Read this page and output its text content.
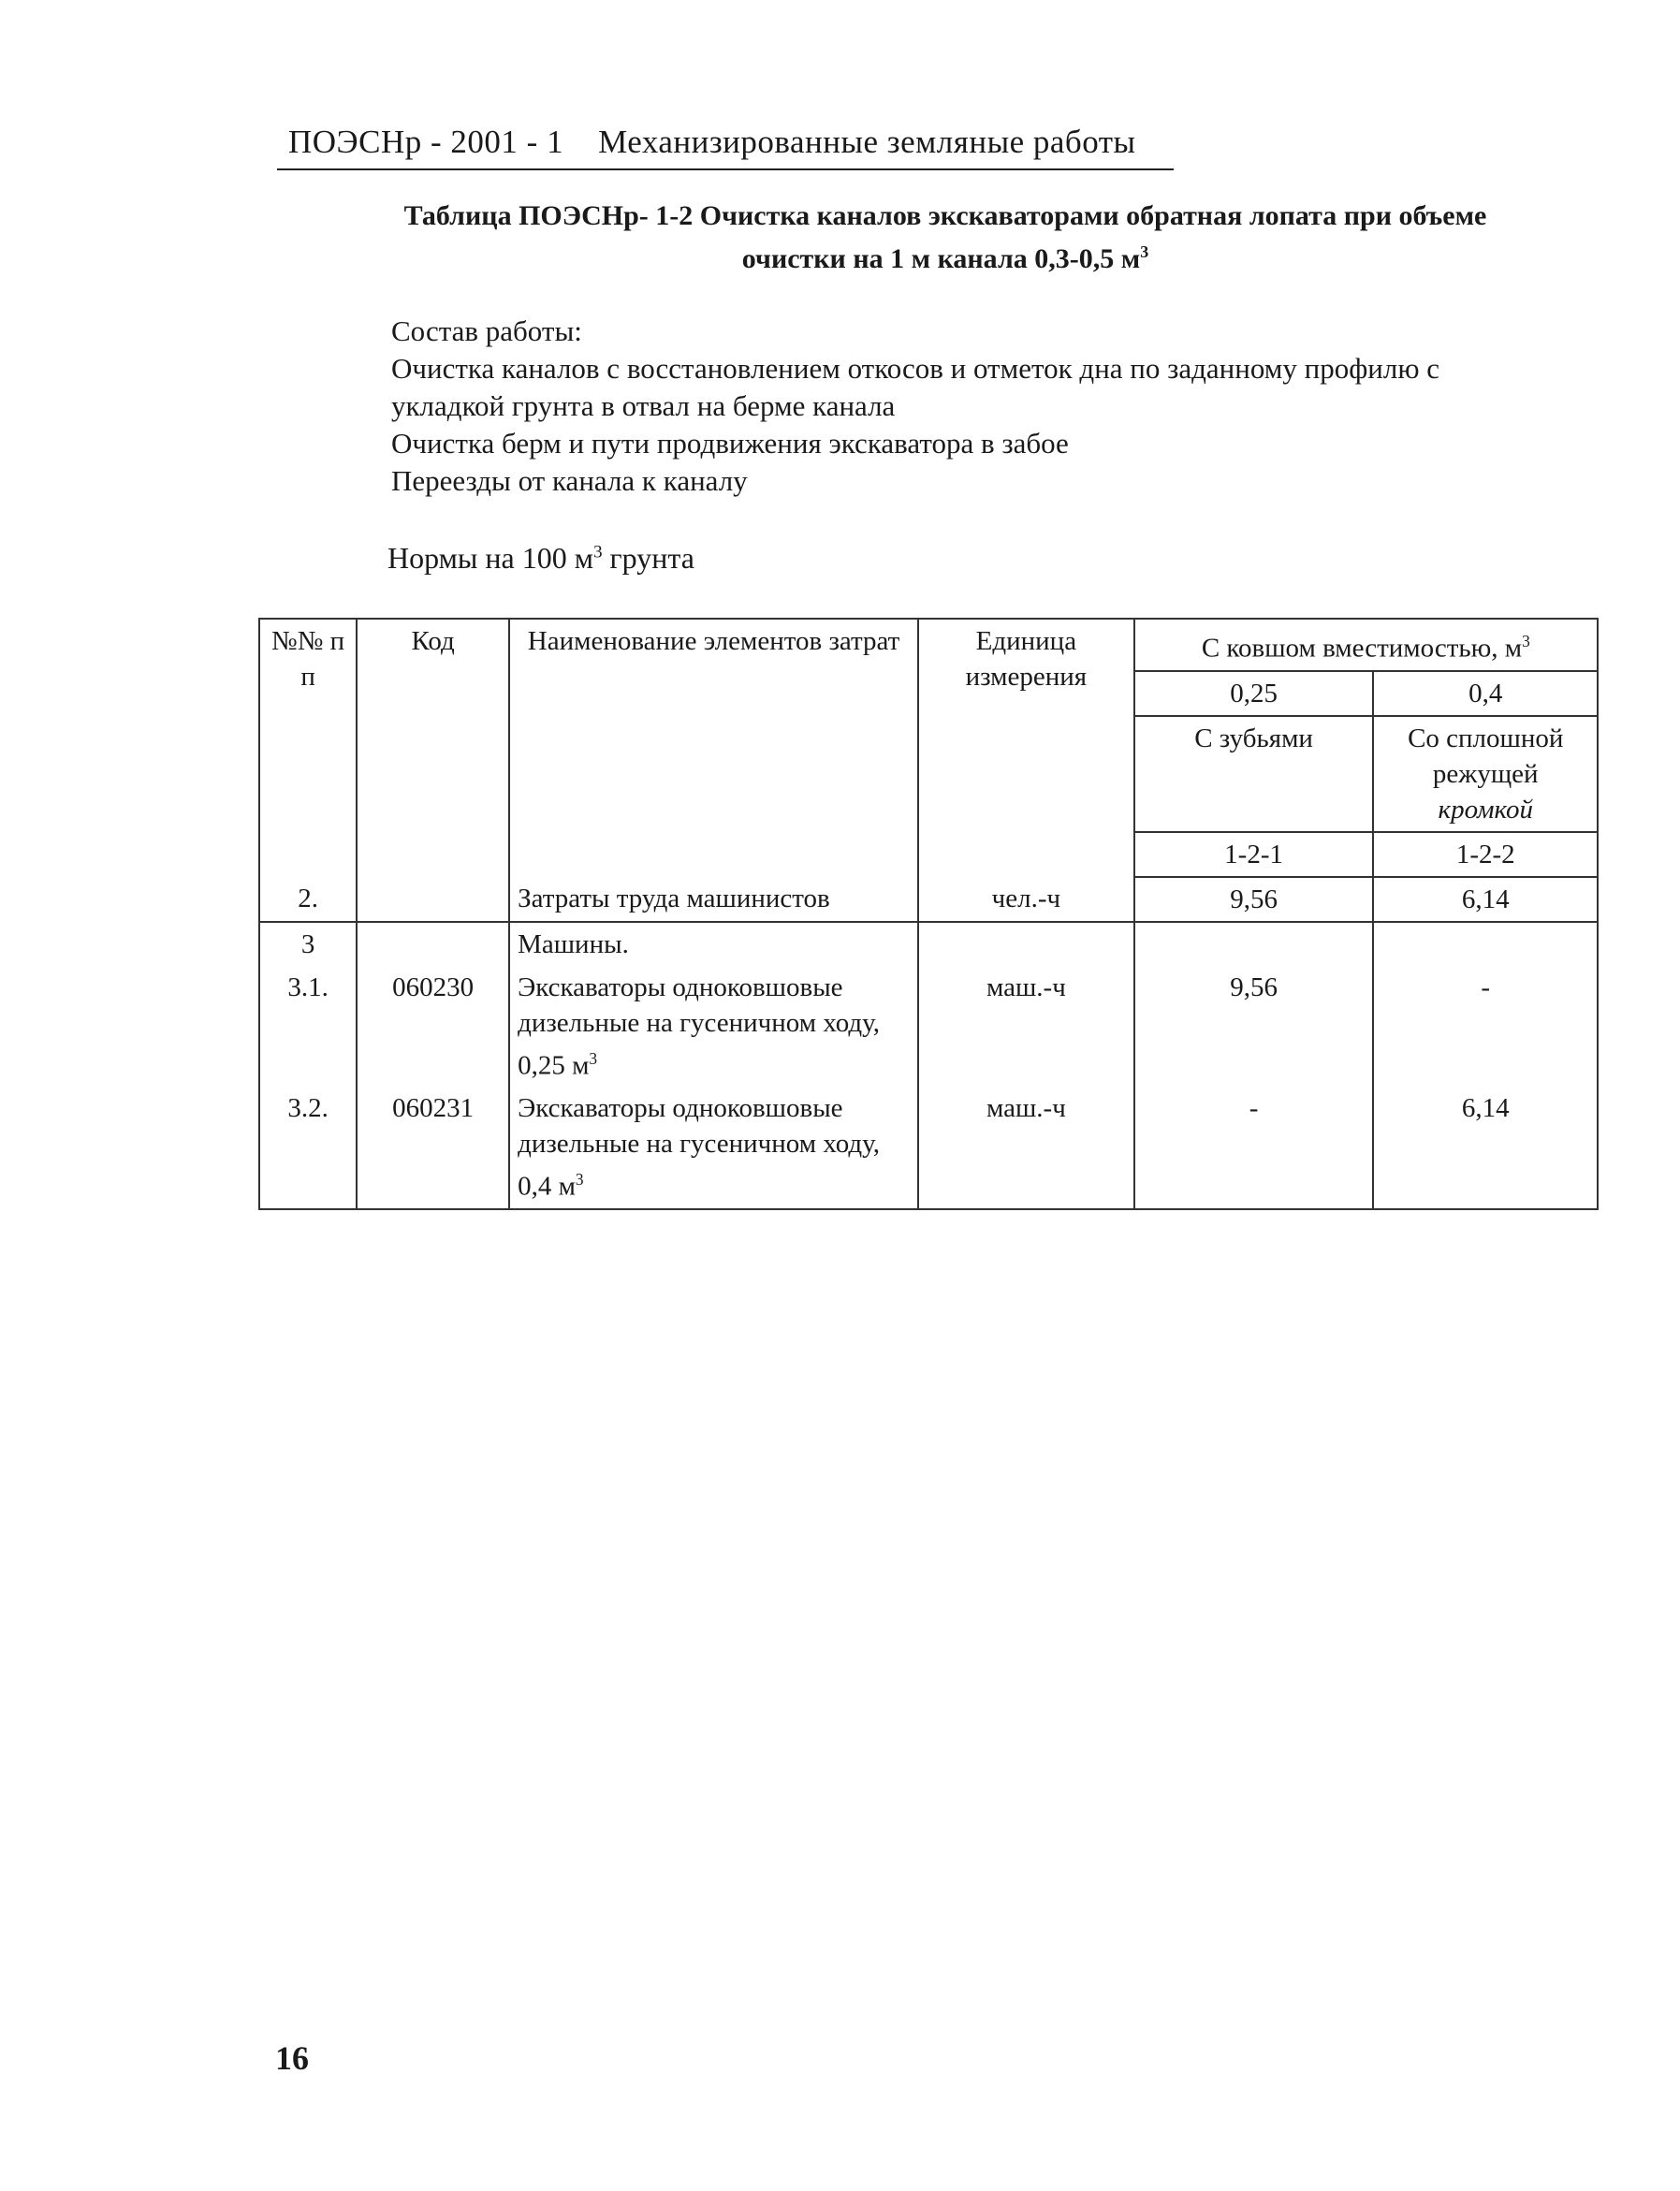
ПОЭСНр - 2001 - 1 Механизированные земляные работы
Таблица ПОЭСНр- 1-2 Очистка каналов экскаваторами обратная лопата при объеме
очистки на 1 м канала 0,3-0,5 $м^3$
Состав работы:
Очистка каналов с восстановлением откосов и отметок дна по заданному профилю с
укладкой грунта в отвал на берме канала
Очистка берм и пути продвижения экскаватора в забое
Переезды от канала к каналу
Нормы на 100 $м^3$ грунта
№№ п п	Код	Наименование элементов затрат	Единица измерения	С ковшом вместимостью, $м^3$
				0,25	0,4
				С зубьями	Со сплошной режущей
кромкой
				1-2-1	1-2-2
2.		Затраты труда машинистов	чел.-ч	9,56	6,14
3		Машины.			
3.1.	060230	Экскаваторы одноковшовые дизельные на гусеничном ходу, 0,25 $м^3$	маш.-ч	9,56	-
3.2.	060231	Экскаваторы одноковшовые дизельные на гусеничном ходу, 0,4 $м^3$	маш.-ч	-	6,14
16
